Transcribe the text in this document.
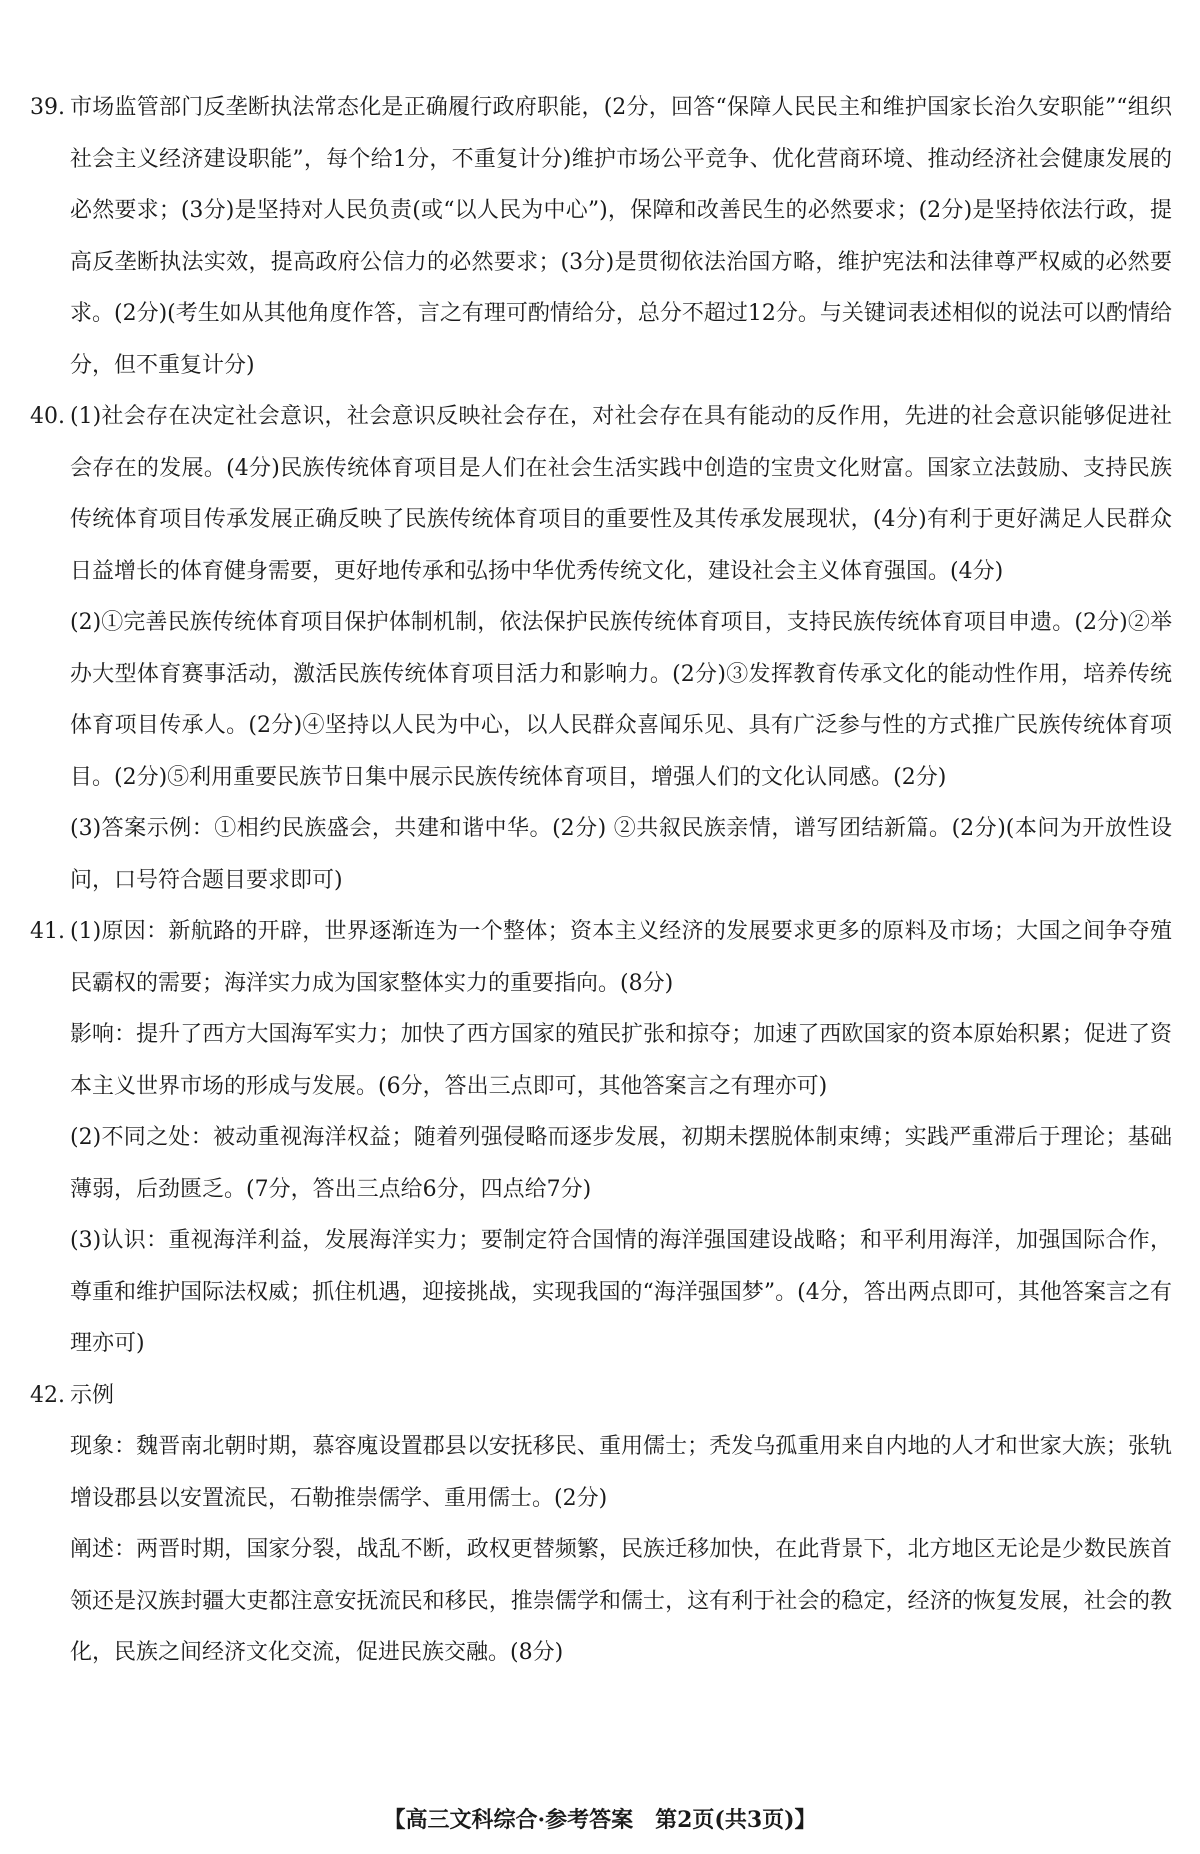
39. 市场监管部门反垄断执法常态化是正确履行政府职能，(2分，回答“保障人民民主和维护国家长治久安职能”“组织社会主义经济建设职能”，每个给1分，不重复计分)维护市场公平竞争、优化营商环境、推动经济社会健康发展的必然要求；(3分)是坚持对人民负责(或“以人民为中心”)，保障和改善民生的必然要求；(2分)是坚持依法行政，提高反垄断执法实效，提高政府公信力的必然要求；(3分)是贯彻依法治国方略，维护宪法和法律尊严权威的必然要求。(2分)(考生如从其他角度作答，言之有理可酌情给分，总分不超过12分。与关键词表述相似的说法可以酌情给分，但不重复计分)
40. (1)社会存在决定社会意识，社会意识反映社会存在，对社会存在具有能动的反作用，先进的社会意识能够促进社会存在的发展。(4分)民族传统体育项目是人们在社会生活实践中创造的宝贵文化财富。国家立法鼓励、支持民族传统体育项目传承发展正确反映了民族传统体育项目的重要性及其传承发展现状，(4分)有利于更好满足人民群众日益增长的体育健身需要，更好地传承和弘扬中华优秀传统文化，建设社会主义体育强国。(4分)
(2)①完善民族传统体育项目保护体制机制，依法保护民族传统体育项目，支持民族传统体育项目申遗。(2分)②举办大型体育赛事活动，激活民族传统体育项目活力和影响力。(2分)③发挥教育传承文化的能动性作用，培养传统体育项目传承人。(2分)④坚持以人民为中心，以人民群众喜闻乐见、具有广泛参与性的方式推广民族传统体育项目。(2分)⑤利用重要民族节日集中展示民族传统体育项目，增强人们的文化认同感。(2分)
(3)答案示例：①相约民族盛会，共建和谐中华。(2分) ②共叙民族亲情，谱写团结新篇。(2分)(本问为开放性设问，口号符合题目要求即可)
41. (1)原因：新航路的开辟，世界逐渐连为一个整体；资本主义经济的发展要求更多的原料及市场；大国之间争夺殖民霸权的需要；海洋实力成为国家整体实力的重要指向。(8分)
影响：提升了西方大国海军实力；加快了西方国家的殖民扩张和掠夺；加速了西欧国家的资本原始积累；促进了资本主义世界市场的形成与发展。(6分，答出三点即可，其他答案言之有理亦可)
(2)不同之处：被动重视海洋权益；随着列强侵略而逐步发展，初期未摆脱体制束缚；实践严重滞后于理论；基础薄弱，后劲匮乏。(7分，答出三点给6分，四点给7分)
(3)认识：重视海洋利益，发展海洋实力；要制定符合国情的海洋强国建设战略；和平利用海洋，加强国际合作，尊重和维护国际法权威；抓住机遇，迎接挑战，实现我国的“海洋强国梦”。(4分，答出两点即可，其他答案言之有理亦可)
42. 示例
现象：魏晋南北朝时期，慕容廆设置郡县以安抚移民、重用儒士；秃发乌孤重用来自内地的人才和世家大族；张轨增设郡县以安置流民，石勒推崇儒学、重用儒士。(2分)
阐述：两晋时期，国家分裂，战乱不断，政权更替频繁，民族迁移加快，在此背景下，北方地区无论是少数民族首领还是汉族封疆大吏都注意安抚流民和移民，推崇儒学和儒士，这有利于社会的稳定，经济的恢复发展，社会的教化，民族之间经济文化交流，促进民族交融。(8分)
【高三文科综合·参考答案　第2页(共3页)】
